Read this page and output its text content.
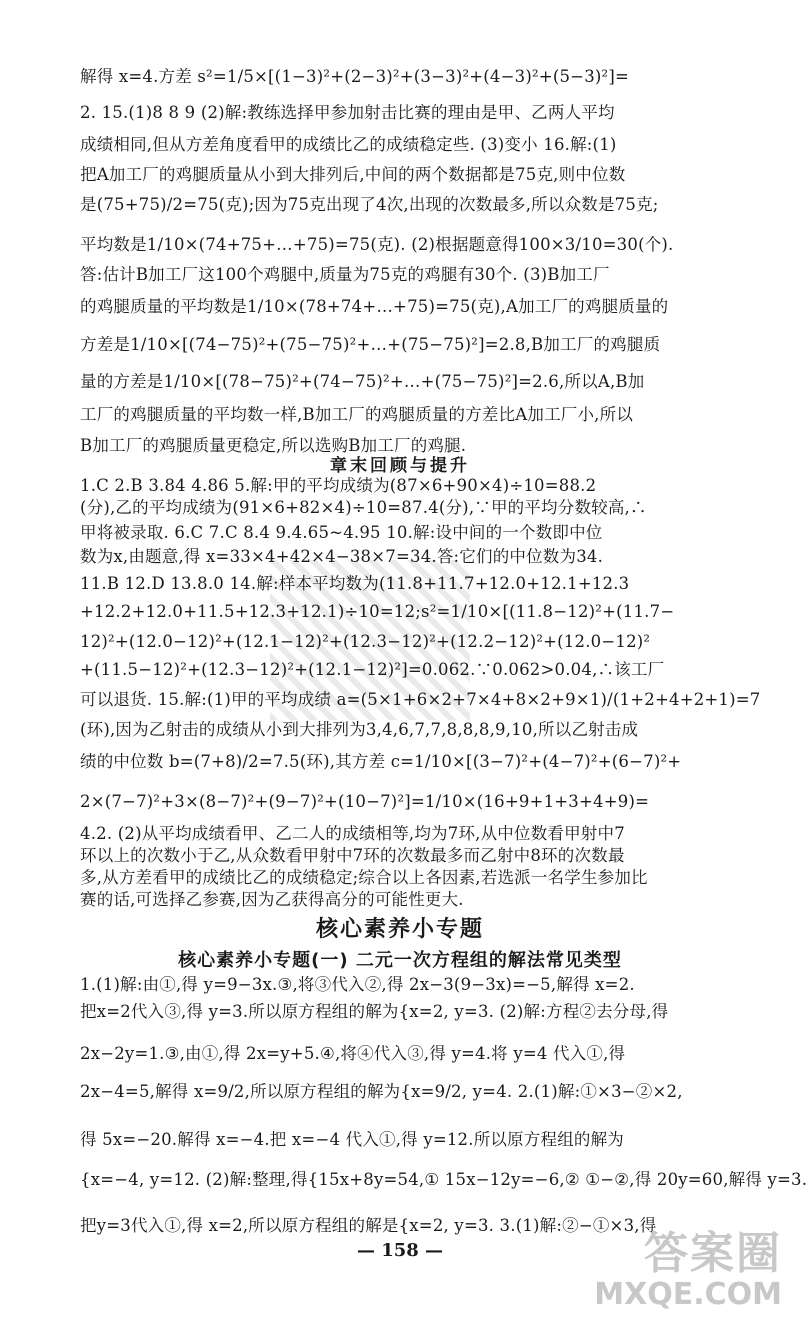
解得 x=4.方差 s²=1/5×[(1−3)²+(2−3)²+(3−3)²+(4−3)²+(5−3)²]=
2. 15.(1)8 8 9 (2)解:教练选择甲参加射击比赛的理由是甲、乙两人平均
成绩相同,但从方差角度看甲的成绩比乙的成绩稳定些. (3)变小 16.解:(1)
把A加工厂的鸡腿质量从小到大排列后,中间的两个数据都是75克,则中位数
是(75+75)/2=75(克);因为75克出现了4次,出现的次数最多,所以众数是75克;
平均数是1/10×(74+75+…+75)=75(克). (2)根据题意得100×3/10=30(个).
答:估计B加工厂这100个鸡腿中,质量为75克的鸡腿有30个. (3)B加工厂
的鸡腿质量的平均数是1/10×(78+74+…+75)=75(克),A加工厂的鸡腿质量的
方差是1/10×[(74−75)²+(75−75)²+…+(75−75)²]=2.8,B加工厂的鸡腿质
量的方差是1/10×[(78−75)²+(74−75)²+…+(75−75)²]=2.6,所以A,B加
工厂的鸡腿质量的平均数一样,B加工厂的鸡腿质量的方差比A加工厂小,所以
B加工厂的鸡腿质量更稳定,所以选购B加工厂的鸡腿.
章末回顾与提升
1.C 2.B 3.84 4.86 5.解:甲的平均成绩为(87×6+90×4)÷10=88.2
(分),乙的平均成绩为(91×6+82×4)÷10=87.4(分),∵甲的平均分数较高,∴
甲将被录取. 6.C 7.C 8.4 9.4.65~4.95 10.解:设中间的一个数即中位
数为x,由题意,得 x=33×4+42×4−38×7=34.答:它们的中位数为34.
11.B 12.D 13.8.0 14.解:样本平均数为(11.8+11.7+12.0+12.1+12.3
+12.2+12.0+11.5+12.3+12.1)÷10=12;s²=1/10×[(11.8−12)²+(11.7−
12)²+(12.0−12)²+(12.1−12)²+(12.3−12)²+(12.2−12)²+(12.0−12)²
+(11.5−12)²+(12.3−12)²+(12.1−12)²]=0.062.∵0.062>0.04,∴该工厂
可以退货. 15.解:(1)甲的平均成绩 a=(5×1+6×2+7×4+8×2+9×1)/(1+2+4+2+1)=7
(环),因为乙射击的成绩从小到大排列为3,4,6,7,7,8,8,8,9,10,所以乙射击成
绩的中位数 b=(7+8)/2=7.5(环),其方差 c=1/10×[(3−7)²+(4−7)²+(6−7)²+
2×(7−7)²+3×(8−7)²+(9−7)²+(10−7)²]=1/10×(16+9+1+3+4+9)=
4.2. (2)从平均成绩看甲、乙二人的成绩相等,均为7环,从中位数看甲射中7
环以上的次数小于乙,从众数看甲射中7环的次数最多而乙射中8环的次数最
多,从方差看甲的成绩比乙的成绩稳定;综合以上各因素,若选派一名学生参加比
赛的话,可选择乙参赛,因为乙获得高分的可能性更大.
核心素养小专题
核心素养小专题(一) 二元一次方程组的解法常见类型
1.(1)解:由①,得 y=9−3x.③,将③代入②,得 2x−3(9−3x)=−5,解得 x=2.
把x=2代入③,得 y=3.所以原方程组的解为{x=2, y=3. (2)解:方程②去分母,得
2x−2y=1.③,由①,得 2x=y+5.④,将④代入③,得 y=4.将 y=4 代入①,得
2x−4=5,解得 x=9/2,所以原方程组的解为{x=9/2, y=4. 2.(1)解:①×3−②×2,
得 5x=−20.解得 x=−4.把 x=−4 代入①,得 y=12.所以原方程组的解为
{x=−4, y=12. (2)解:整理,得{15x+8y=54,① 15x−12y=−6,② ①−②,得 20y=60,解得 y=3.
把y=3代入①,得 x=2,所以原方程组的解是{x=2, y=3. 3.(1)解:②−①×3,得
— 158 —	答案圈
MXQE.COM
